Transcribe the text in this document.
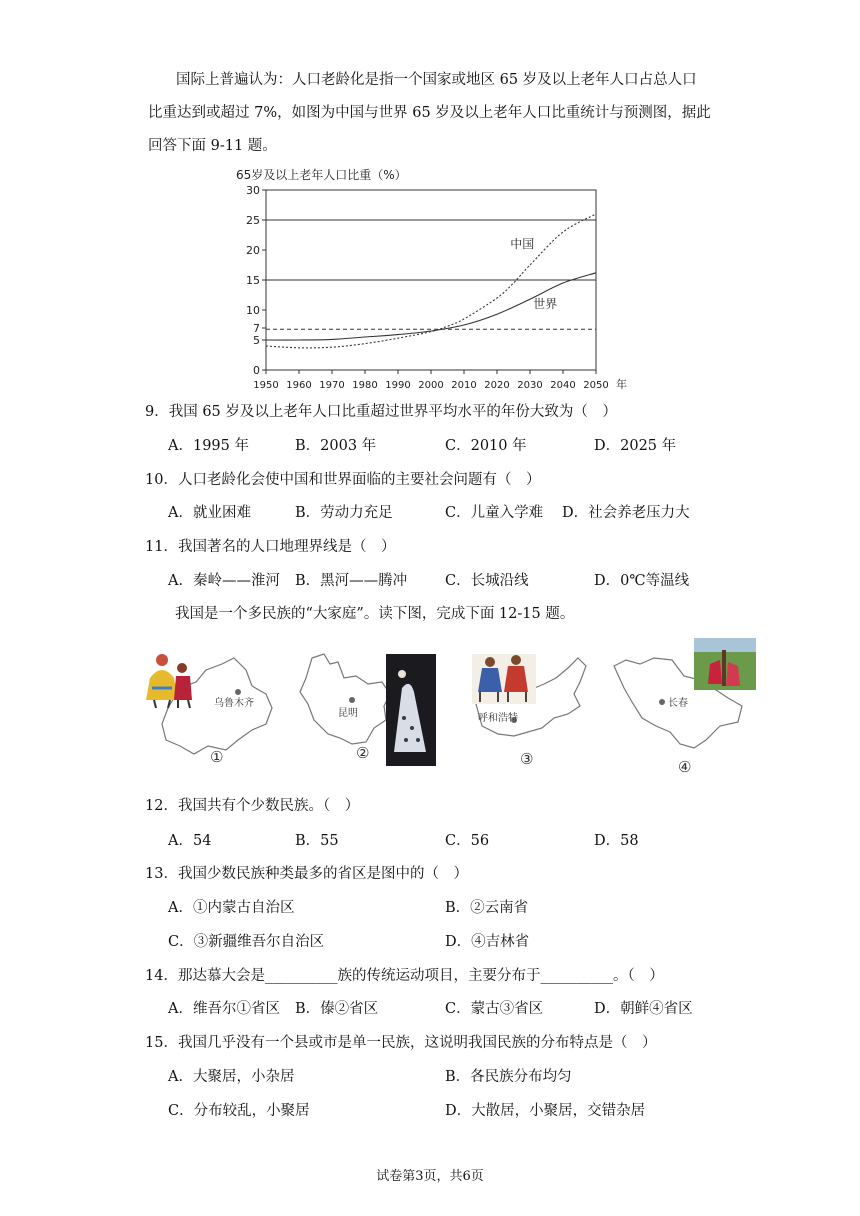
国际上普遍认为：人口老龄化是指一个国家或地区 65 岁及以上老年人口占总人口
比重达到或超过 7%，如图为中国与世界 65 岁及以上老年人口比重统计与预测图，据此
回答下面 9-11 题。
65岁及以上老年人口比重（%）
0
5
7
10
15
20
25
30
1950 1960 1970 1980 1990 2000 2010 2020 2030 2040 2050 年
中国
世界
9．我国 65 岁及以上老年人口比重超过世界平均水平的年份大致为（　）
A．1995 年	B．2003 年	C．2010 年	D．2025 年
10．人口老龄化会使中国和世界面临的主要社会问题有（　）
A．就业困难	B．劳动力充足	C．儿童入学难 D．社会养老压力大
11．我国著名的人口地理界线是（　）
A．秦岭——淮河 B．黑河——腾冲	C．长城沿线	D．0℃等温线
我国是一个多民族的“大家庭”。读下图，完成下面 12-15 题。
乌鲁木齐
①
昆明
②
呼和浩特
③
长春
④
12．我国共有个少数民族。（　）
A．54	B．55	C．56	D．58
13．我国少数民族种类最多的省区是图中的（　）
A．①内蒙古自治区	B．②云南省
C．③新疆维吾尔自治区	D．④吉林省
14．那达慕大会是__________族的传统运动项目，主要分布于__________。（　）
A．维吾尔①省区 B．傣②省区	C．蒙古③省区	D．朝鲜④省区
15．我国几乎没有一个县或市是单一民族，这说明我国民族的分布特点是（　）
A．大聚居，小杂居	B．各民族分布均匀
C．分布较乱，小聚居	D．大散居，小聚居，交错杂居
试卷第3页，共6页
